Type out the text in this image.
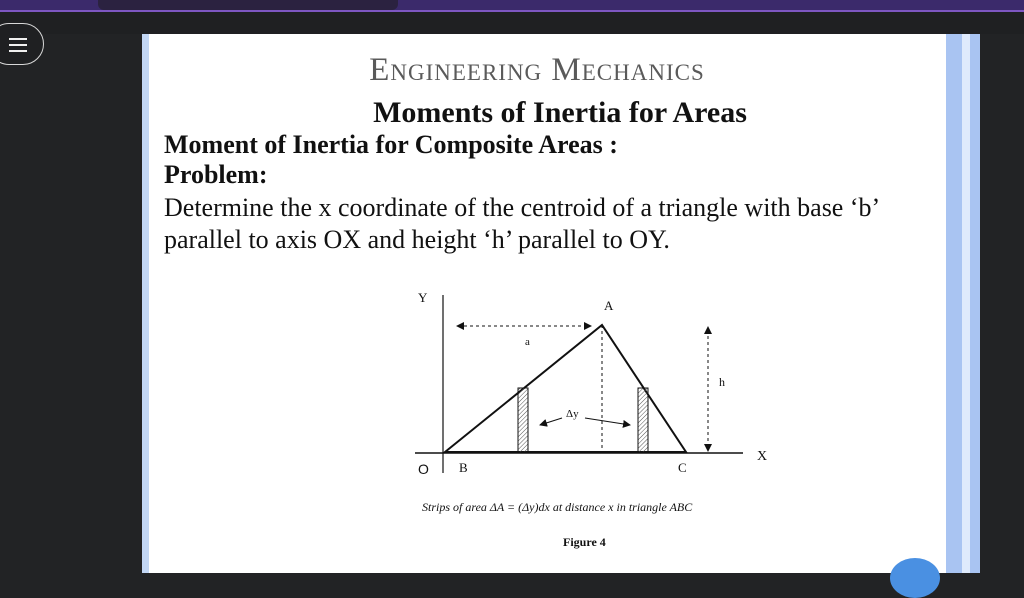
Engineering Mechanics
Moments of Inertia for Areas
Moment of Inertia for Composite Areas :
Problem:
Determine the x coordinate of the centroid of a triangle with base ‘b’ parallel to axis OX and height ‘h’ parallel to OY.
Y
X
O B	C
A
a
h
Δy
Strips of area ΔA = (Δy)dx at distance x in triangle ABC
Figure 4
